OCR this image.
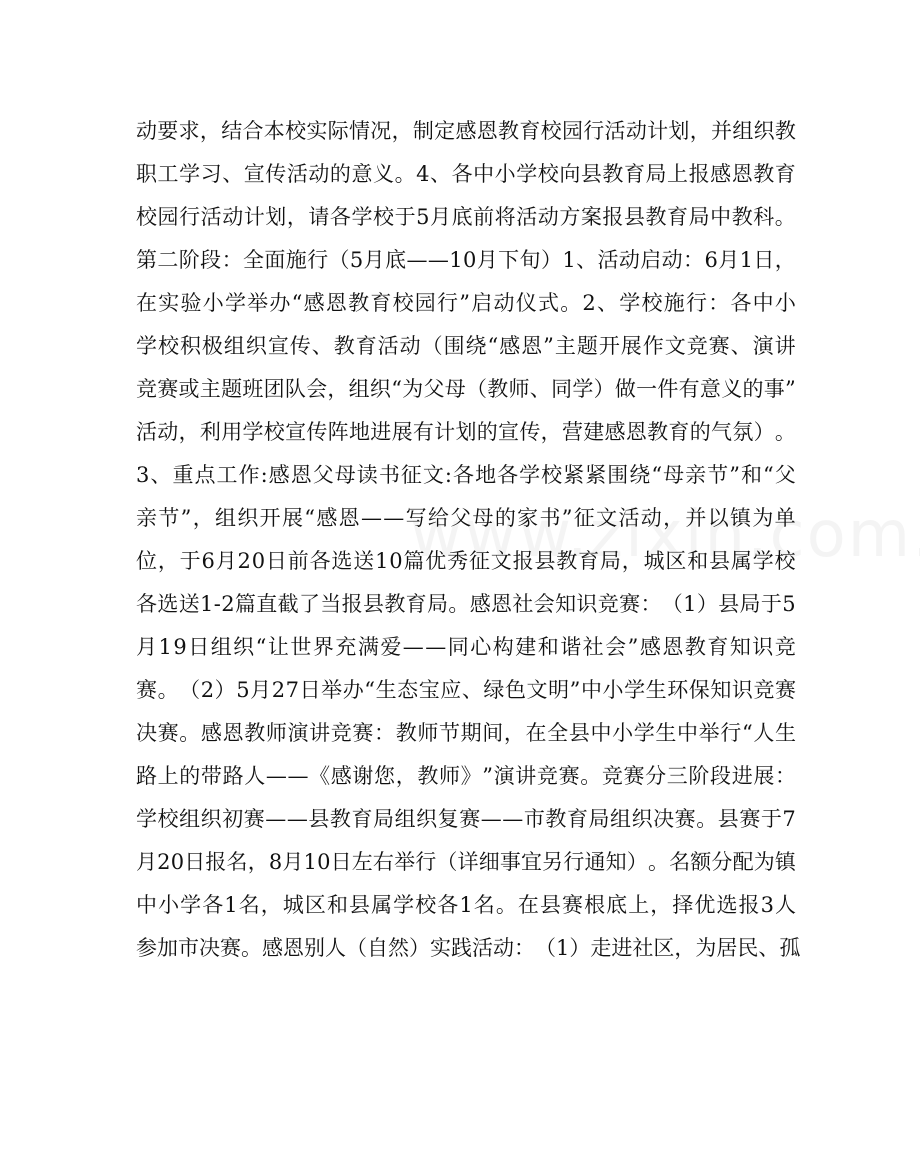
动 要 求 ， 结 合 本 校 实 际 情 况 ， 制 定 感 恩 教 育 校 园 行 活 动 计 划 ， 并 组 织 教
职 工 学 习 、 宣 传 活 动 的 意 义 。 4 、 各 中 小 学 校 向 县 教 育 局 上 报 感 恩 教 育
校 园 行 活 动 计 划 ， 请 各 学 校 于 5 月 底 前 将 活 动 方 案 报 县 教 育 局 中 教 科 。
第 二 阶 段 ： 全 面 施 行 （ 5 月 底 — — 1 0 月 下 旬 ） 1 、 活 动 启 动 ： 6 月 1 日 ，
在 实 验 小 学 举 办 “ 感 恩 教 育 校 园 行 ” 启 动 仪 式 。 2 、 学 校 施 行 ： 各 中 小
学 校 积 极 组 织 宣 传 、 教 育 活 动 （ 围 绕 “ 感 恩 ” 主 题 开 展 作 文 竞 赛 、 演 讲
竞 赛 或 主 题 班 团 队 会 ， 组 织 “ 为 父 母 （ 教 师 、 同 学 ） 做 一 件 有 意 义 的 事 ”
活 动 ， 利 用 学 校 宣 传 阵 地 进 展 有 计 划 的 宣 传 ， 营 建 感 恩 教 育 的 气 氛 ） 。
3 、 重 点 工 作 : 感 恩 父 母 读 书 征 文 : 各 地 各 学 校 紧 紧 围 绕 “ 母 亲 节 ” 和 “ 父
亲 节 ” ， 组 织 开 展 “ 感 恩 — — 写 给 父 母 的 家 书 ” 征 文 活 动 ， 并 以 镇 为 单
位 ， 于 6 月 2 0 日 前 各 选 送 1 0 篇 优 秀 征 文 报 县 教 育 局 ， 城 区 和 县 属 学 校
各 选 送 1 - 2 篇 直 截 了 当 报 县 教 育 局 。 感 恩 社 会 知 识 竞 赛 ： （ 1 ） 县 局 于 5
月 1 9 日 组 织 “ 让 世 界 充 满 爱 — — 同 心 构 建 和 谐 社 会 ” 感 恩 教 育 知 识 竞
赛 。 （ 2 ） 5 月 2 7 日 举 办 “ 生 态 宝 应 、 绿 色 文 明 ” 中 小 学 生 环 保 知 识 竞 赛
决 赛 。 感 恩 教 师 演 讲 竞 赛 ： 教 师 节 期 间 ， 在 全 县 中 小 学 生 中 举 行 “ 人 生
路 上 的 带 路 人 — — 《 感 谢 您 ， 教 师 》 ” 演 讲 竞 赛 。 竞 赛 分 三 阶 段 进 展 ：
学 校 组 织 初 赛 — — 县 教 育 局 组 织 复 赛 — — 市 教 育 局 组 织 决 赛 。 县 赛 于 7
月 2 0 日 报 名 ， 8 月 1 0 日 左 右 举 行 （ 详 细 事 宜 另 行 通 知 ） 。 名 额 分 配 为 镇
中 小 学 各 1 名 ， 城 区 和 县 属 学 校 各 1 名 。 在 县 赛 根 底 上 ， 择 优 选 报 3 人
参 加 市 决 赛 。 感 恩 别 人 （ 自 然 ） 实 践 活 动 ： （ 1 ） 走 进 社 区 ， 为 居 民 、 孤
